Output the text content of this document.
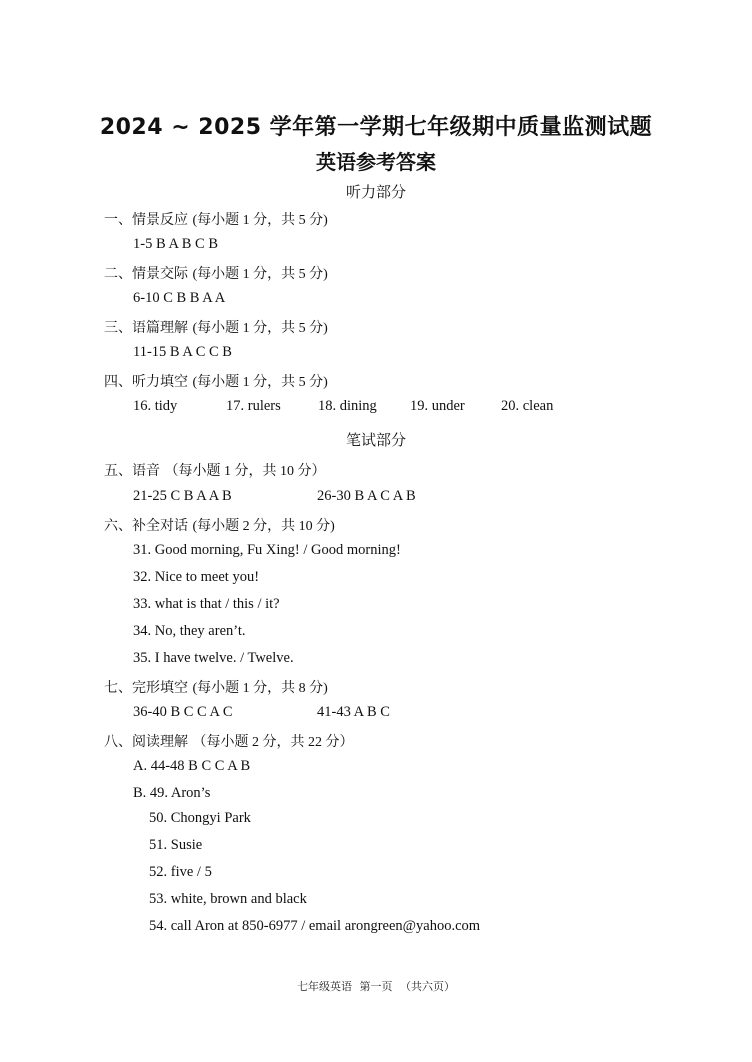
2024 ~ 2025 学年第一学期七年级期中质量监测试题
英语参考答案
听力部分
一、情景反应 (每小题 1 分，共 5 分)
1-5 B A B C B
二、情景交际 (每小题 1 分，共 5 分)
6-10 C B B A A
三、语篇理解 (每小题 1 分，共 5 分)
11-15 B A C C B
四、听力填空 (每小题 1 分，共 5 分)
16. tidy	17. rulers	18. dining 19. under 20. clean
笔试部分
五、语音 （每小题 1 分，共 10 分）
21-25 C B A A B	26-30 B A C A B
六、补全对话 (每小题 2 分，共 10 分)
31. Good morning, Fu Xing! / Good morning!
32. Nice to meet you!
33. what is that / this / it?
34. No, they aren’t.
35. I have twelve. / Twelve.
七、完形填空 (每小题 1 分，共 8 分)
36-40 B C C A C	41-43 A B C
八、阅读理解 （每小题 2 分，共 22 分）
A. 44-48 B C C A B
B. 49. Aron’s
50. Chongyi Park
51. Susie
52. five / 5
53. white, brown and black
54. call Aron at 850-6977 / email arongreen@yahoo.com
七年级英语 第一页 （共六页）
